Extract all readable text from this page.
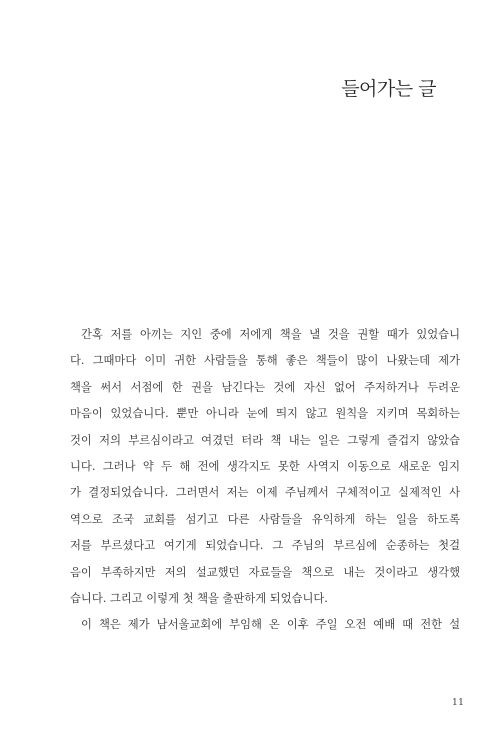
들어가는 글
간혹 저를 아끼는 지인 중에 저에게 책을 낼 것을 권할 때가 있었습니
다. 그때마다 이미 귀한 사람들을 통해 좋은 책들이 많이 나왔는데 제가
책을 써서 서점에 한 권을 남긴다는 것에 자신 없어 주저하거나 두려운
마음이 있었습니다. 뿐만 아니라 눈에 띄지 않고 원칙을 지키며 목회하는
것이 저의 부르심이라고 여겼던 터라 책 내는 일은 그렇게 즐겁지 않았습
니다. 그러나 약 두 해 전에 생각지도 못한 사역지 이동으로 새로운 임지
가 결정되었습니다. 그러면서 저는 이제 주님께서 구체적이고 실제적인 사
역으로 조국 교회를 섬기고 다른 사람들을 유익하게 하는 일을 하도록
저를 부르셨다고 여기게 되었습니다. 그 주님의 부르심에 순종하는 첫걸
음이 부족하지만 저의 설교했던 자료들을 책으로 내는 것이라고 생각했
습니다. 그리고 이렇게 첫 책을 출판하게 되었습니다.
이 책은 제가 남서울교회에 부임해 온 이후 주일 오전 예배 때 전한 설
11
